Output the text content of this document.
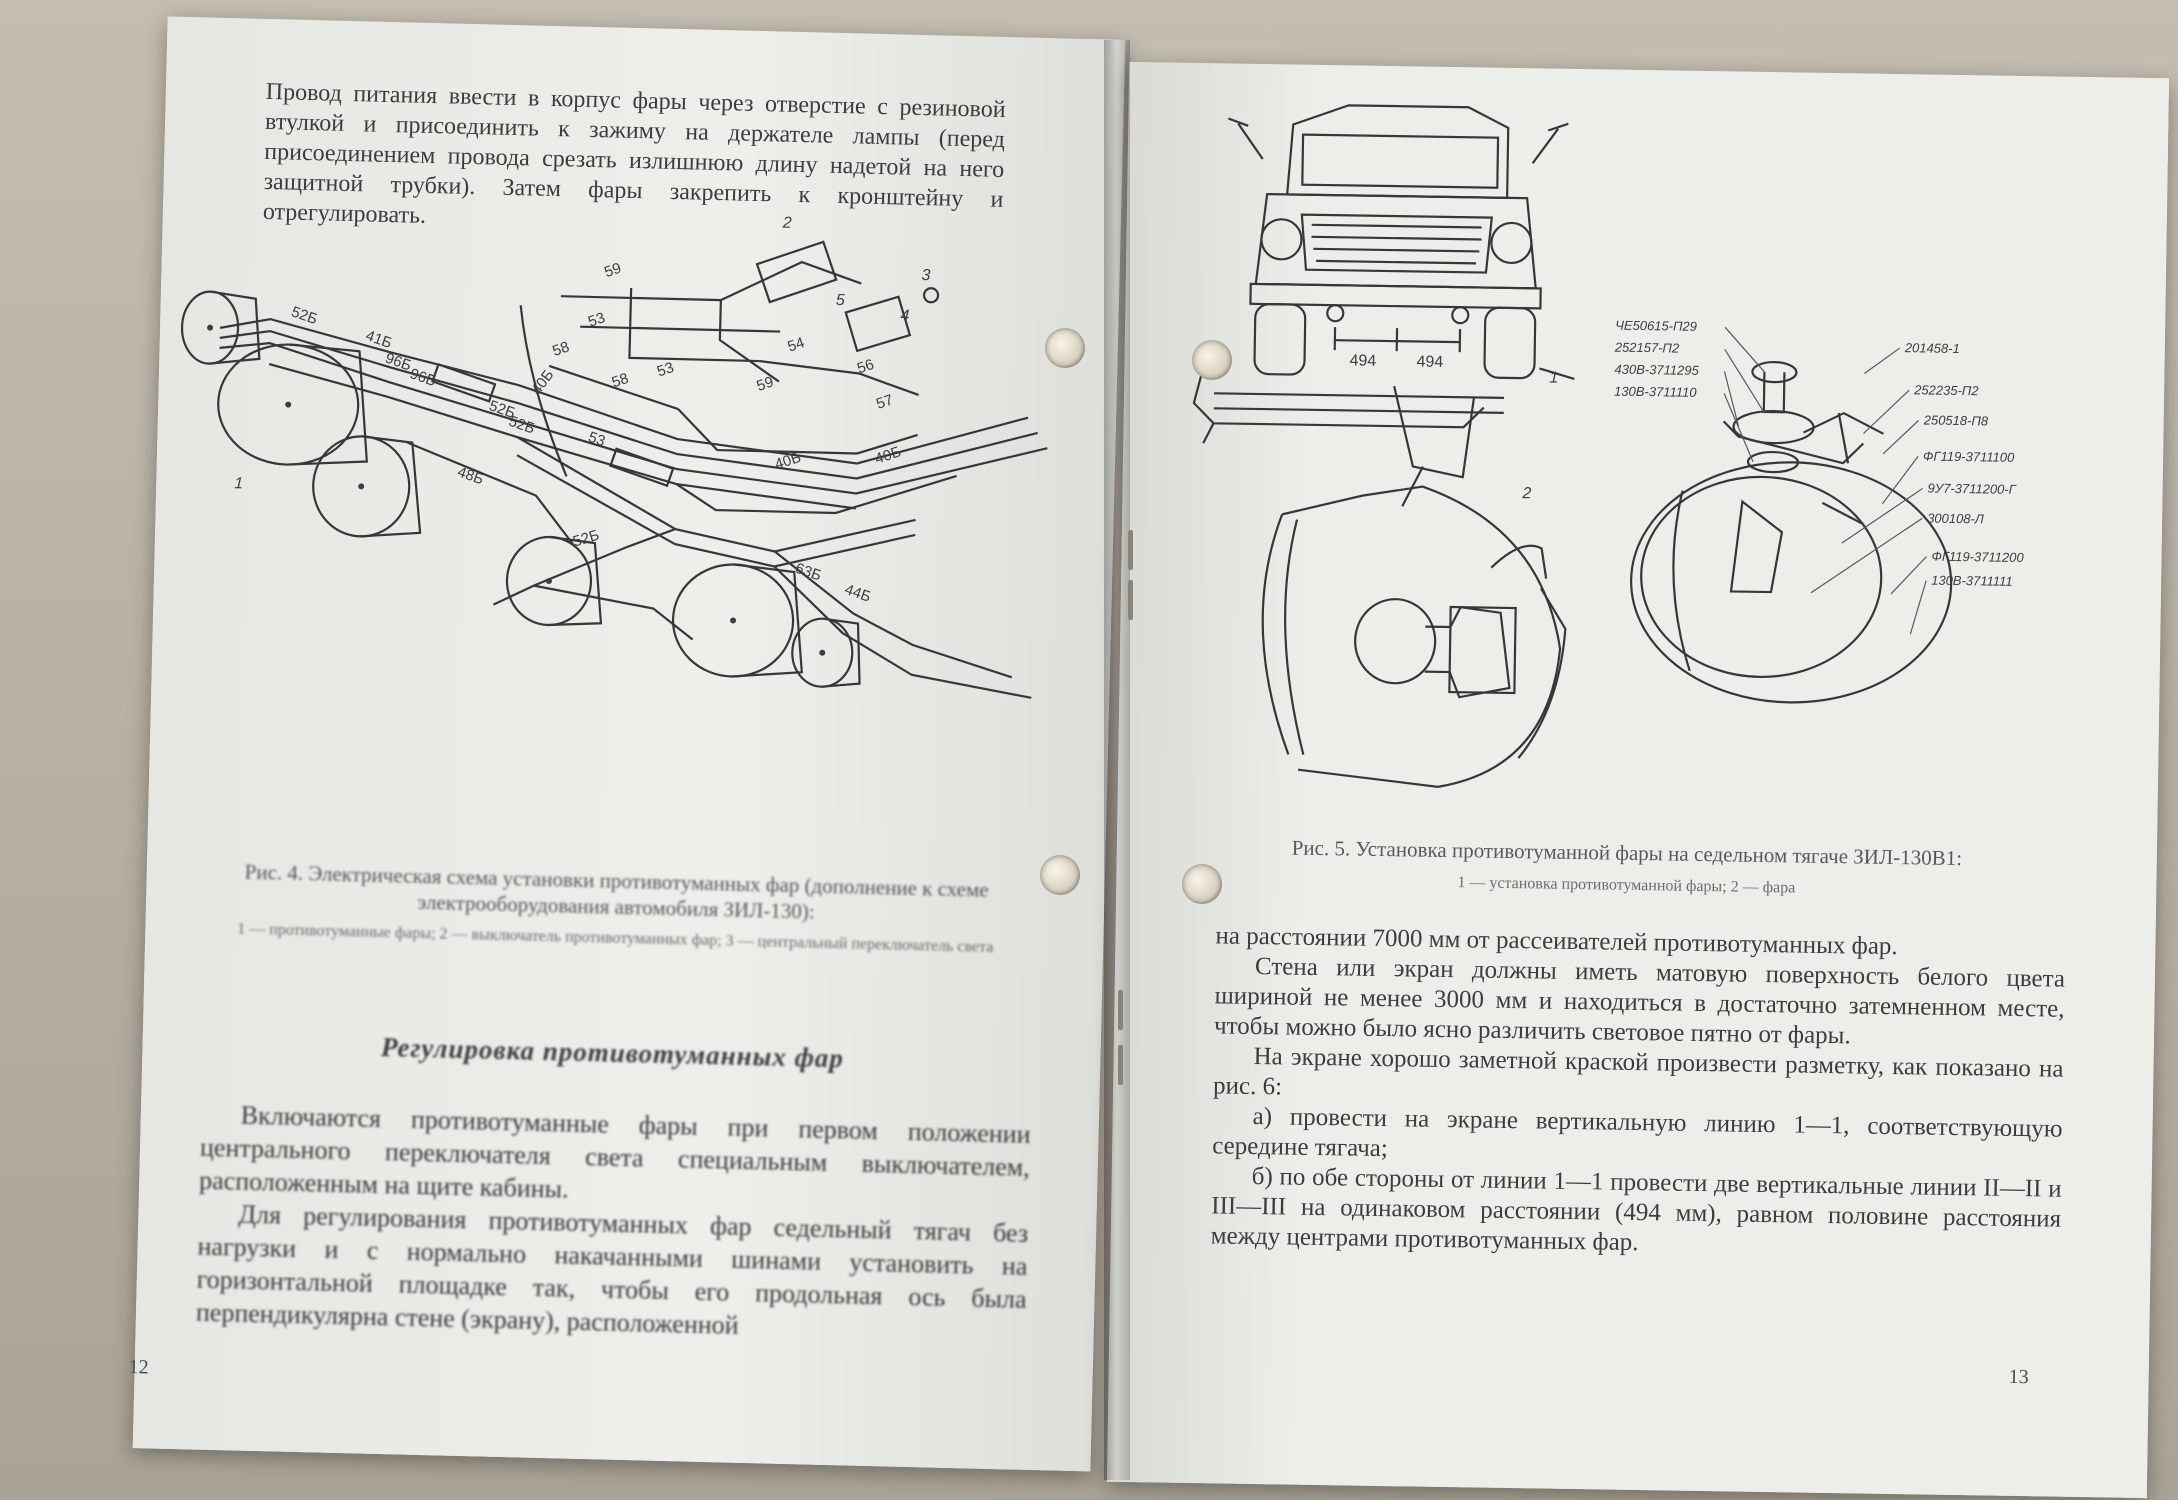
Провод питания ввести в корпус фары через отверстие с резиновой втулкой и присоединить к зажиму на держателе лампы (перед присоединением провода срезать излишнюю длину надетой на него защитной трубки). Затем фары закрепить к кронштейну и отрегулировать.

52Б
41Б
96Б
96Б
52Б
52Б
53
53
53
54
56
57
58
58
59
59
40Б
40Б	40Б
48Б
52Б
63Б
44Б
1
2
3
4
5

Рис. 4. Электрическая схема установки противотуманных фар (дополнение к схеме электрооборудования автомобиля ЗИЛ-130):

1 — противотуманные фары; 2 — выключатель противотуманных фар; 3 — центральный переключатель света

Регулировка противотуманных фар

Включаются противотуманные фары при первом положении центрального переключателя света специальным выключателем, расположенным на щите кабины.

Для регулирования противотуманных фар седельный тягач без нагрузки и с нормально накачанными шинами установить на горизонтальной площадке так, чтобы его продольная ось была перпендикулярна стене (экрану), расположенной

12
494	494
1
2
ЧЕ50615-П29
252157-П2
430В-3711295
130В-3711110
201458-1
252235-П2
250518-П8
ФГ119-3711100
9У7-3711200-Г
300108-Л
ФГ119-3711200
130В-3711111

Рис. 5. Установка противотуманной фары на седельном тягаче ЗИЛ-130В1:

1 — установка противотуманной фары; 2 — фара

на расстоянии 7000 мм от рассеивателей противотуманных фар.

Стена или экран должны иметь матовую поверхность белого цвета шириной не менее 3000 мм и находиться в достаточно затемненном месте, чтобы можно было ясно различить световое пятно от фары.

На экране хорошо заметной краской произвести разметку, как показано на рис. 6:

а) провести на экране вертикальную линию 1—1, соответствующую середине тягача;

б) по обе стороны от линии 1—1 провести две вертикальные линии II—II и III—III на одинаковом расстоянии (494 мм), равном половине расстояния между центрами противотуманных фар.

13
